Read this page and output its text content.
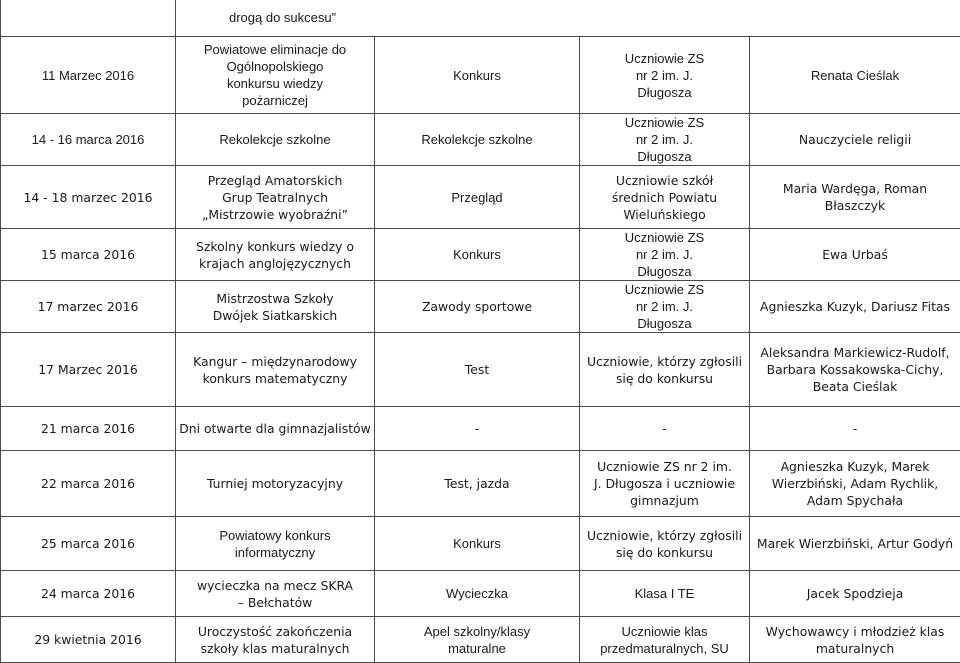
	drogą do sukcesu”			
11 Marzec 2016	Powiatowe eliminacje do Ogólnopolskiego konkursu wiedzy pożarniczej	Konkurs	Uczniowie ZS nr 2 im. J. Długosza	Renata Cieślak
14 - 16 marca 2016	Rekolekcje szkolne	Rekolekcje szkolne	Uczniowie ZS nr 2 im. J. Długosza	Nauczyciele religii
14 - 18 marzec 2016	Przegląd Amatorskich Grup Teatralnych „Mistrzowie wyobraźni”	Przegląd	Uczniowie szkół średnich Powiatu Wieluńskiego	Maria Wardęga, Roman Błaszczyk
15 marca 2016	Szkolny konkurs wiedzy o krajach anglojęzycznych	Konkurs	Uczniowie ZS nr 2 im. J. Długosza	Ewa Urbaś
17 marzec 2016	Mistrzostwa Szkoły Dwójek Siatkarskich	Zawody sportowe	Uczniowie ZS nr 2 im. J. Długosza	Agnieszka Kuzyk, Dariusz Fitas
17 Marzec 2016	Kangur – międzynarodowy konkurs matematyczny	Test	Uczniowie, którzy zgłosili się do konkursu	Aleksandra Markiewicz-Rudolf, Barbara Kossakowska-Cichy, Beata Cieślak
21 marca 2016	Dni otwarte dla gimnazjalistów	-	-	-
22 marca 2016	Turniej motoryzacyjny	Test, jazda	Uczniowie ZS nr 2 im. J. Długosza i uczniowie gimnazjum	Agnieszka Kuzyk, Marek Wierzbiński, Adam Rychlik, Adam Spychała
25 marca 2016	Powiatowy konkurs informatyczny	Konkurs	Uczniowie, którzy zgłosili się do konkursu	Marek Wierzbiński, Artur Godyń
24 marca 2016	wycieczka na mecz SKRA – Bełchatów	Wycieczka	Klasa I TE	Jacek Spodzieja
29 kwietnia 2016	Uroczystość zakończenia szkoły klas maturalnych	Apel szkolny/klasy maturalne	Uczniowie klas przedmaturalnych, SU	Wychowawcy i młodzież klas maturalnych
